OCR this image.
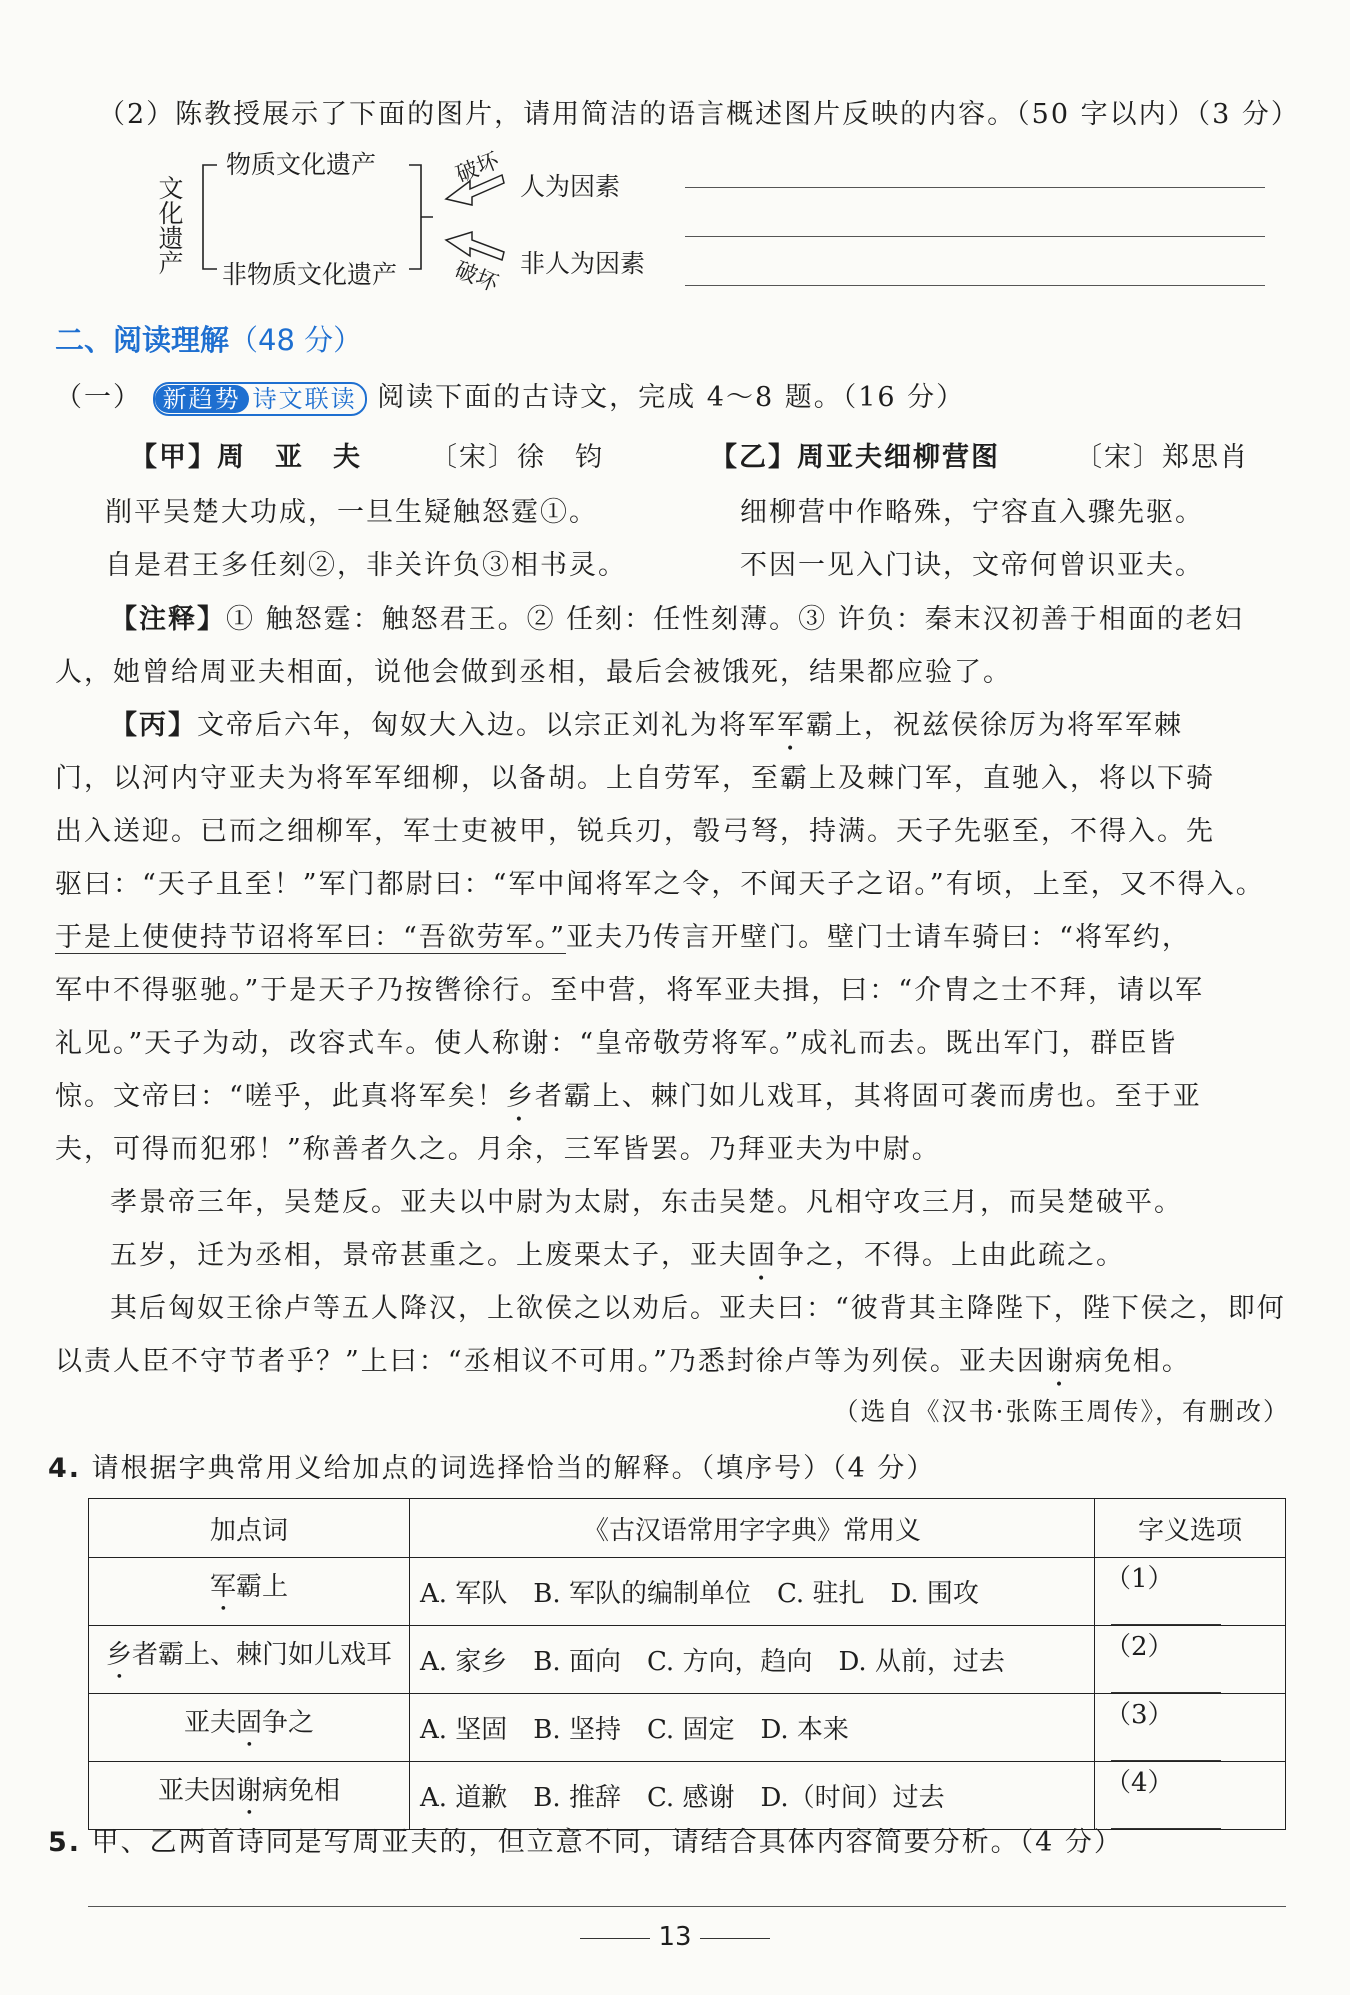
（2）陈教授展示了下面的图片，请用简洁的语言概述图片反映的内容。（50 字以内）（3 分）
文化遗产
物质文化遗产
非物质文化遗产
破坏
破坏
人为因素
非人为因素
二、阅读理解（48 分）
（一） 新趋势 诗文联读 阅读下面的古诗文，完成 4～8 题。（16 分）
【甲】周　亚　夫	〔宋〕徐　钧	【乙】周亚夫细柳营图	〔宋〕郑思肖
削平吴楚大功成，一旦生疑触怒霆①。
自是君王多任刻②，非关许负③相书灵。
细柳营中作略殊，宁容直入骤先驱。
不因一见入门诀，文帝何曾识亚夫。
【注释】① 触怒霆：触怒君王。② 任刻：任性刻薄。③ 许负：秦末汉初善于相面的老妇
人，她曾给周亚夫相面，说他会做到丞相，最后会被饿死，结果都应验了。
【丙】文帝后六年，匈奴大入边。以宗正刘礼为将军军霸上，祝兹侯徐厉为将军军棘
门，以河内守亚夫为将军军细柳，以备胡。上自劳军，至霸上及棘门军，直驰入，将以下骑
出入送迎。已而之细柳军，军士吏被甲，锐兵刃，彀弓弩，持满。天子先驱至，不得入。先
驱曰：“天子且至！”军门都尉曰：“军中闻将军之令，不闻天子之诏。”有顷，上至，又不得入。
于是上使使持节诏将军曰：“吾欲劳军。”亚夫乃传言开壁门。壁门士请车骑曰：“将军约，
军中不得驱驰。”于是天子乃按辔徐行。至中营，将军亚夫揖，曰：“介胄之士不拜，请以军
礼见。”天子为动，改容式车。使人称谢：“皇帝敬劳将军。”成礼而去。既出军门，群臣皆
惊。文帝曰：“嗟乎，此真将军矣！乡者霸上、棘门如儿戏耳，其将固可袭而虏也。至于亚
夫，可得而犯邪！”称善者久之。月余，三军皆罢。乃拜亚夫为中尉。
孝景帝三年，吴楚反。亚夫以中尉为太尉，东击吴楚。凡相守攻三月，而吴楚破平。
五岁，迁为丞相，景帝甚重之。上废栗太子，亚夫固争之，不得。上由此疏之。
其后匈奴王徐卢等五人降汉，上欲侯之以劝后。亚夫曰：“彼背其主降陛下，陛下侯之，即何
以责人臣不守节者乎？”上曰：“丞相议不可用。”乃悉封徐卢等为列侯。亚夫因谢病免相。
（选自《汉书·张陈王周传》，有删改）
4. 请根据字典常用义给加点的词选择恰当的解释。（填序号）（4 分）
加点词	《古汉语常用字字典》常用义	字义选项
军霸上	A. 军队　B. 军队的编制单位　C. 驻扎　D. 围攻	（1）
乡者霸上、棘门如儿戏耳	A. 家乡　B. 面向　C. 方向，趋向　D. 从前，过去	（2）
亚夫固争之	A. 坚固　B. 坚持　C. 固定　D. 本来	（3）
亚夫因谢病免相	A. 道歉　B. 推辞　C. 感谢　D.（时间）过去	（4）
5. 甲、乙两首诗同是写周亚夫的，但立意不同，请结合具体内容简要分析。（4 分）
13
